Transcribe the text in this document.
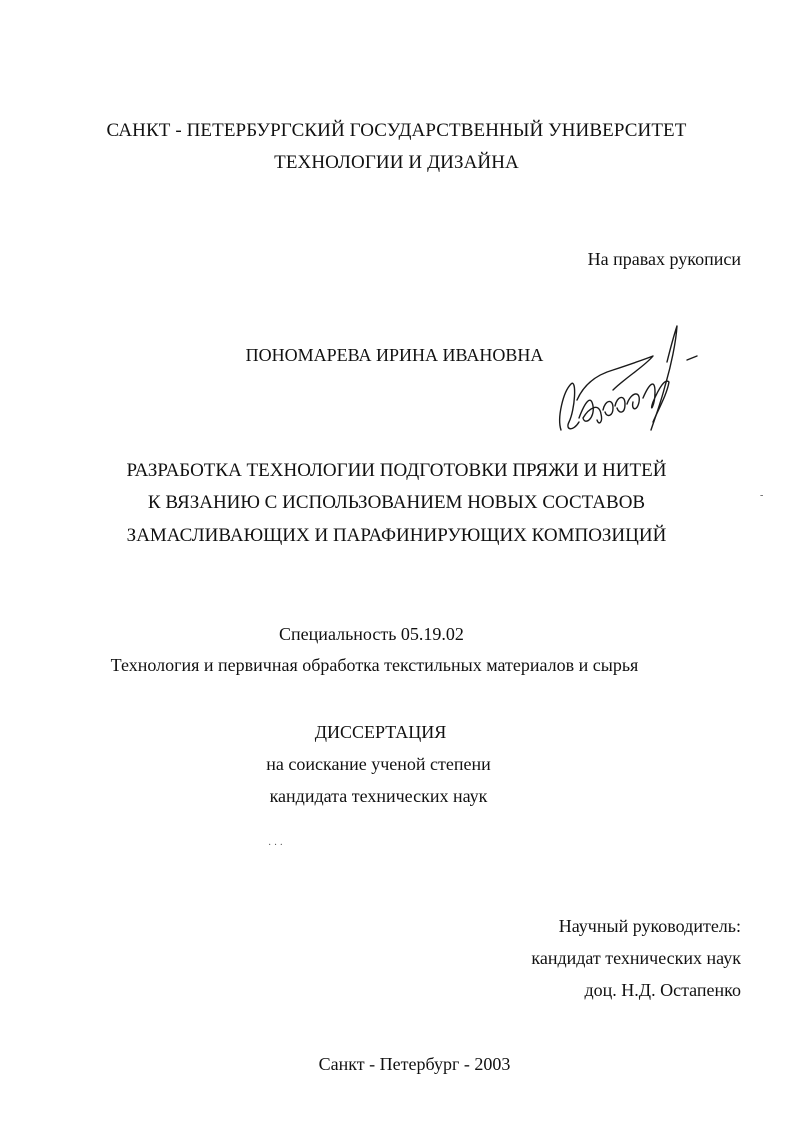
САНКТ - ПЕТЕРБУРГСКИЙ ГОСУДАРСТВЕННЫЙ УНИВЕРСИТЕТ
ТЕХНОЛОГИИ И ДИЗАЙНА
На правах рукописи
ПОНОМАРЕВА ИРИНА ИВАНОВНА
РАЗРАБОТКА ТЕХНОЛОГИИ ПОДГОТОВКИ ПРЯЖИ И НИТЕЙ
К ВЯЗАНИЮ С ИСПОЛЬЗОВАНИЕМ НОВЫХ СОСТАВОВ
ЗАМАСЛИВАЮЩИХ И ПАРАФИНИРУЮЩИХ КОМПОЗИЦИЙ
Специальность 05.19.02
Технология и первичная обработка текстильных материалов и сырья
ДИССЕРТАЦИЯ
на соискание ученой степени
кандидата технических наук
Научный руководитель:
кандидат технических наук
доц. Н.Д. Остапенко
Санкт - Петербург - 2003
· · ·
-
